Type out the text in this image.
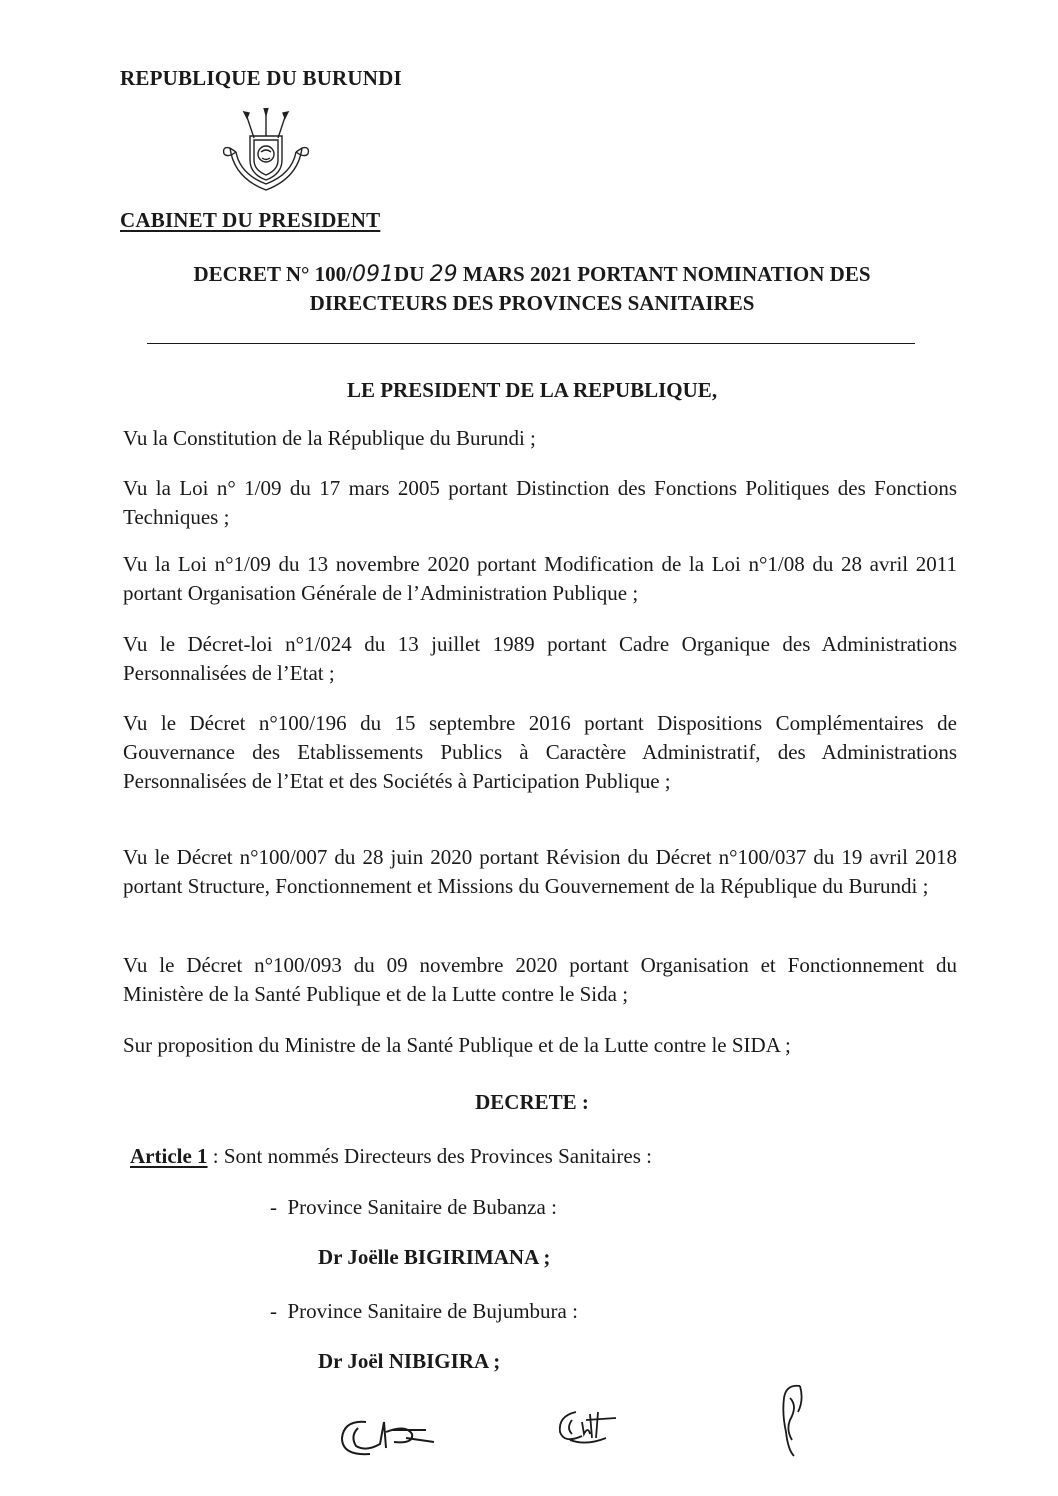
REPUBLIQUE DU BURUNDI
CABINET DU PRESIDENT
DECRET N° 100/091DU 29 MARS 2021 PORTANT NOMINATION DES
DIRECTEURS DES PROVINCES SANITAIRES
LE PRESIDENT DE LA REPUBLIQUE,
Vu la Constitution de la République du Burundi ;
Vu la Loi n° 1/09 du 17 mars 2005 portant Distinction des Fonctions Politiques des Fonctions Techniques ;
Vu la Loi n°1/09 du 13 novembre 2020 portant Modification de la Loi n°1/08 du 28 avril 2011 portant Organisation Générale de l’Administration Publique ;
Vu le Décret-loi n°1/024 du 13 juillet 1989 portant Cadre Organique des Administrations Personnalisées de l’Etat ;
Vu le Décret n°100/196 du 15 septembre 2016 portant Dispositions Complémentaires de Gouvernance des Etablissements Publics à Caractère Administratif, des Administrations Personnalisées de l’Etat et des Sociétés à Participation Publique ;
Vu le Décret n°100/007 du 28 juin 2020 portant Révision du Décret n°100/037 du 19 avril 2018 portant Structure, Fonctionnement et Missions du Gouvernement de la République du Burundi ;
Vu le Décret n°100/093 du 09 novembre 2020 portant Organisation et Fonctionnement du Ministère de la Santé Publique et de la Lutte contre le Sida ;
Sur proposition du Ministre de la Santé Publique et de la Lutte contre le SIDA ;
DECRETE :
Article 1 : Sont nommés Directeurs des Provinces Sanitaires :
- Province Sanitaire de Bubanza :
Dr Joëlle BIGIRIMANA ;
- Province Sanitaire de Bujumbura :
Dr Joël NIBIGIRA ;
